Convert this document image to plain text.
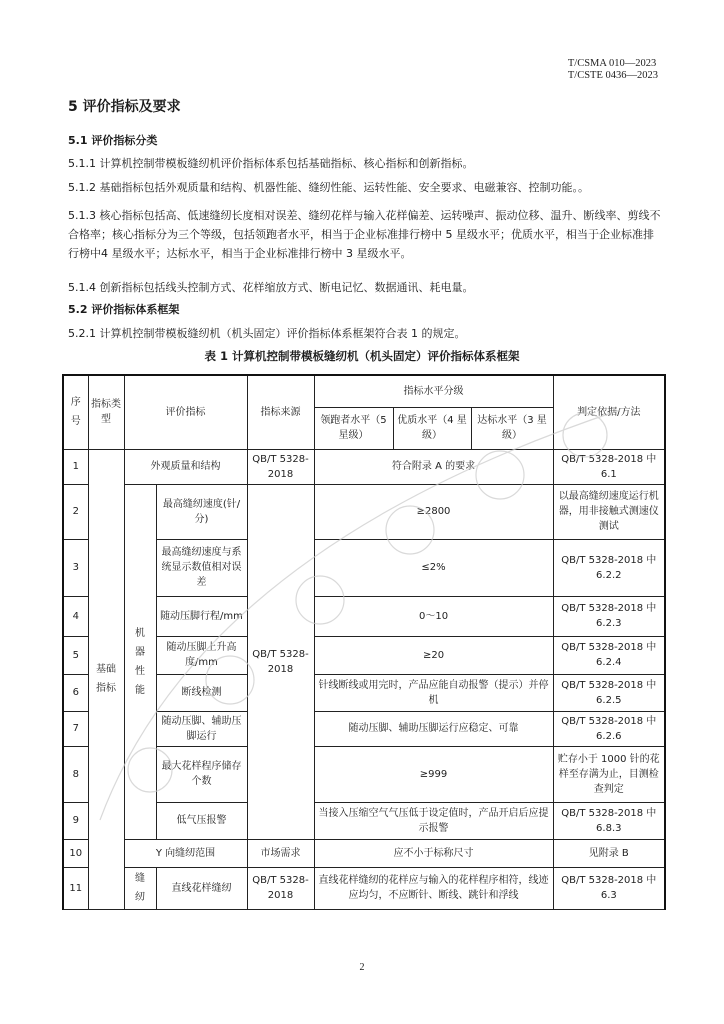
T/CSMA 010—2023
T/CSTE 0436—2023
5 评价指标及要求
5.1 评价指标分类
5.1.1 计算机控制带模板缝纫机评价指标体系包括基础指标、核心指标和创新指标。
5.1.2 基础指标包括外观质量和结构、机器性能、缝纫性能、运转性能、安全要求、电磁兼容、控制功能。。
5.1.3 核心指标包括高、低速缝纫长度相对误差、缝纫花样与输入花样偏差、运转噪声、振动位移、温升、断线率、剪线不合格率；核心指标分为三个等级，包括领跑者水平，相当于企业标准排行榜中 5 星级水平；优质水平，相当于企业标准排行榜中4 星级水平；达标水平，相当于企业标准排行榜中 3 星级水平。
5.1.4 创新指标包括线头控制方式、花样缩放方式、断电记忆、数据通讯、耗电量。
5.2 评价指标体系框架
5.2.1 计算机控制带模板缝纫机（机头固定）评价指标体系框架符合表 1 的规定。
表 1 计算机控制带模板缝纫机（机头固定）评价指标体系框架
序号	指标类型	评价指标		指标来源	指标水平分级			判定依据/方法
					领跑者水平（5 星级）	优质水平（4 星级）	达标水平（3 星级）	
1	基础指标	外观质量和结构		QB/T 5328-2018	符合附录 A 的要求			QB/T 5328-2018 中 6.1
2		机器性能	最高缝纫速度(针/分)	QB/T 5328-2018	≥2800			以最高缝纫速度运行机器，用非接触式测速仪测试
3			最高缝纫速度与系统显示数值相对误差		≤2%			QB/T 5328-2018 中 6.2.2
4			随动压脚行程/mm		0～10			QB/T 5328-2018 中 6.2.3
5			随动压脚上升高度/mm		≥20			QB/T 5328-2018 中 6.2.4
6			断线检测		针线断线或用完时，产品应能自动报警（提示）并停机			QB/T 5328-2018 中 6.2.5
7			随动压脚、辅助压脚运行		随动压脚、辅助压脚运行应稳定、可靠			QB/T 5328-2018 中 6.2.6
8			最大花样程序储存个数		≥999			贮存小于 1000 针的花样至存满为止，目测检查判定
9			低气压报警		当接入压缩空气气压低于设定值时，产品开启后应提示报警			QB/T 5328-2018 中 6.8.3
10		Y 向缝纫范围		市场需求	应不小于标称尺寸			见附录 B
11		缝纫	直线花样缝纫	QB/T 5328-2018	直线花样缝纫的花样应与输入的花样程序相符，线迹应均匀，不应断针、断线、跳针和浮线			QB/T 5328-2018 中 6.3
2
